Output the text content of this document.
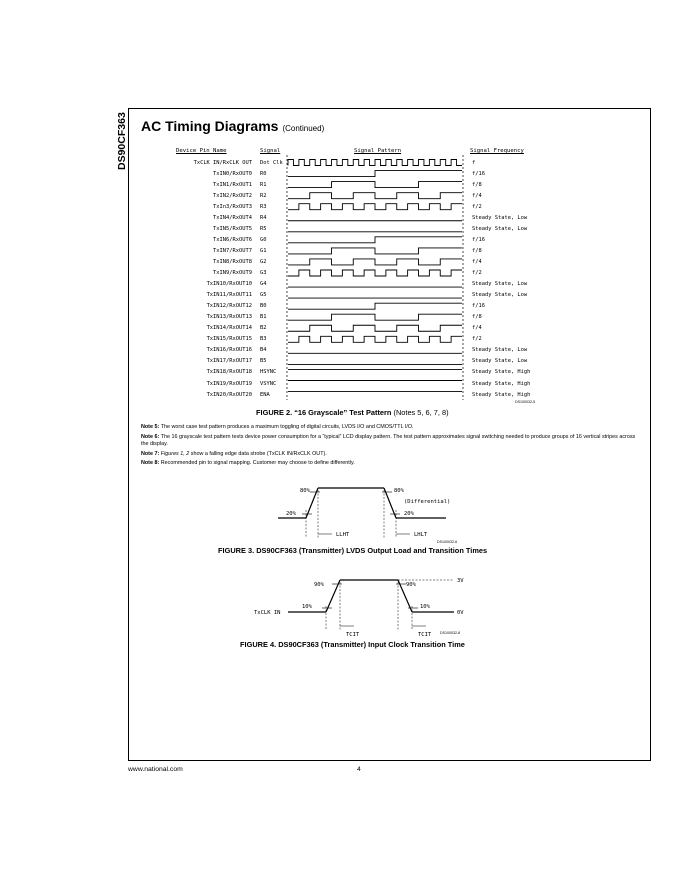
DS90CF363 AC Timing Diagrams (Continued)
Device Pin Name	Signal	Signal Pattern	Signal Frequency
TxCLK IN/RxCLK OUT Dot Clk	f
TxIN0/RxOUT0 R0	f/16
TxIN1/RxOUT1 R1	f/8
TxIN2/RxOUT2 R2	f/4
TxIn3/RxOUT3 R3	f/2
TxIN4/RxOUT4 R4	Steady State, Low
TxIN5/RxOUT5 R5	Steady State, Low
TxIN6/RxOUT6 G0	f/16
TxIN7/RxOUT7 G1	f/8
TxIN8/RxOUT8 G2	f/4
TxIN9/RxOUT9 G3	f/2
TxIN10/RxOUT10 G4	Steady State, Low
TxIN11/RxOUT11 G5	Steady State, Low
TxIN12/RxOUT12 B0	f/16
TxIN13/RxOUT13 B1	f/8
TxIN14/RxOUT14 B2	f/4
TxIN15/RxOUT15 B3	f/2
TxIN16/RxOUT16 B4	Steady State, Low
TxIN17/RxOUT17 B5	Steady State, Low
TxIN18/RxOUT18 HSYNC	Steady State, High
TxIN19/RxOUT19 VSYNC	Steady State, High
TxIN20/RxOUT20 ENA	Steady State, High
DS100032-5
FIGURE 2. “16 Grayscale” Test Pattern (Notes 5, 6, 7, 8)

Note 5: The worst case test pattern produces a maximum toggling of digital circuits, LVDS I/O and CMOS/TTL I/O.

Note 6: The 16 grayscale test pattern tests device power consumption for a “typical” LCD display pattern. The test pattern approximates signal switching needed to produce groups of 16 vertical stripes across the display.

Note 7: Figures 1, 2 show a falling edge data strobe (TxCLK IN/RxCLK OUT).

Note 8: Recommended pin to signal mapping. Customer may choose to define differently.

80%	80%
20%	20%
(Differential)
LLHT	LHLT
DS100032-6
FIGURE 3. DS90CF363 (Transmitter) LVDS Output Load and Transition Times
90%	90%
10%	10%
3V
0V
TxCLK IN
TCIT	TCIT DS100032-8
FIGURE 4. DS90CF363 (Transmitter) Input Clock Transition Time
www.national.com	4
